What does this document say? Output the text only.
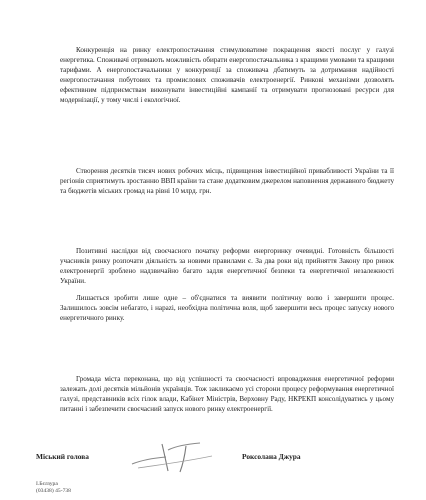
Конкуренція на ринку електропостачання стимулюватиме покращення якості послуг у галузі енергетика. Споживачі отримають можливість обирати енергопостачальника з кращими умовами та кращими тарифами. А енергопостачальники у конкуренції за споживача дбатимуть за дотримання надійності енергопостачання побутових та промислових споживачів електроенергії. Ринкові механізми дозволять ефективним підприємствам виконувати інвестиційні кампанії та отримувати прогнозовані ресурси для модернізації, у тому числі і екологічної.

Створення десятків тисяч нових робочих місць, підвищення інвестиційної привабливості України та її регіонів сприятимуть зростанню ВВП країни та стане додатковим джерелом наповнення державного бюджету та бюджетів міських громад на рівні 10 млрд. грн.

Позитивні наслідки від своєчасного початку реформи енергоринку очевидні. Готовність більшості учасників ринку розпочати діяльність за новими правилами є. За два роки від прийняття Закону про ринок електроенергії зроблено надзвичайно багато задля енергетичної безпеки та енергетичної незалежності України.

Лишається зробити лише одне – об'єднатися та виявити політичну волю і завершити процес. Залишилось зовсім небагато, і нарazі, необхідна політична воля, щоб завершити весь процес запуску нового енергетичного ринку.

Громада міста переконана, що від успішності та своєчасності впровадження енергетичної реформи залежать долі десятків мільйонів українців. Тож закликаємо усі сторони процесу реформування енергетичної галузі, представників всіх гілок влади, Кабінет Міністрів, Верховну Раду, НКРЕКП консолідуватись у цьому питанні і забезпечити своєчасний запуск нового ринку електроенергії.

Міський голова	Роксолана Джура
І.Бєлзура
(03438) 45-738
